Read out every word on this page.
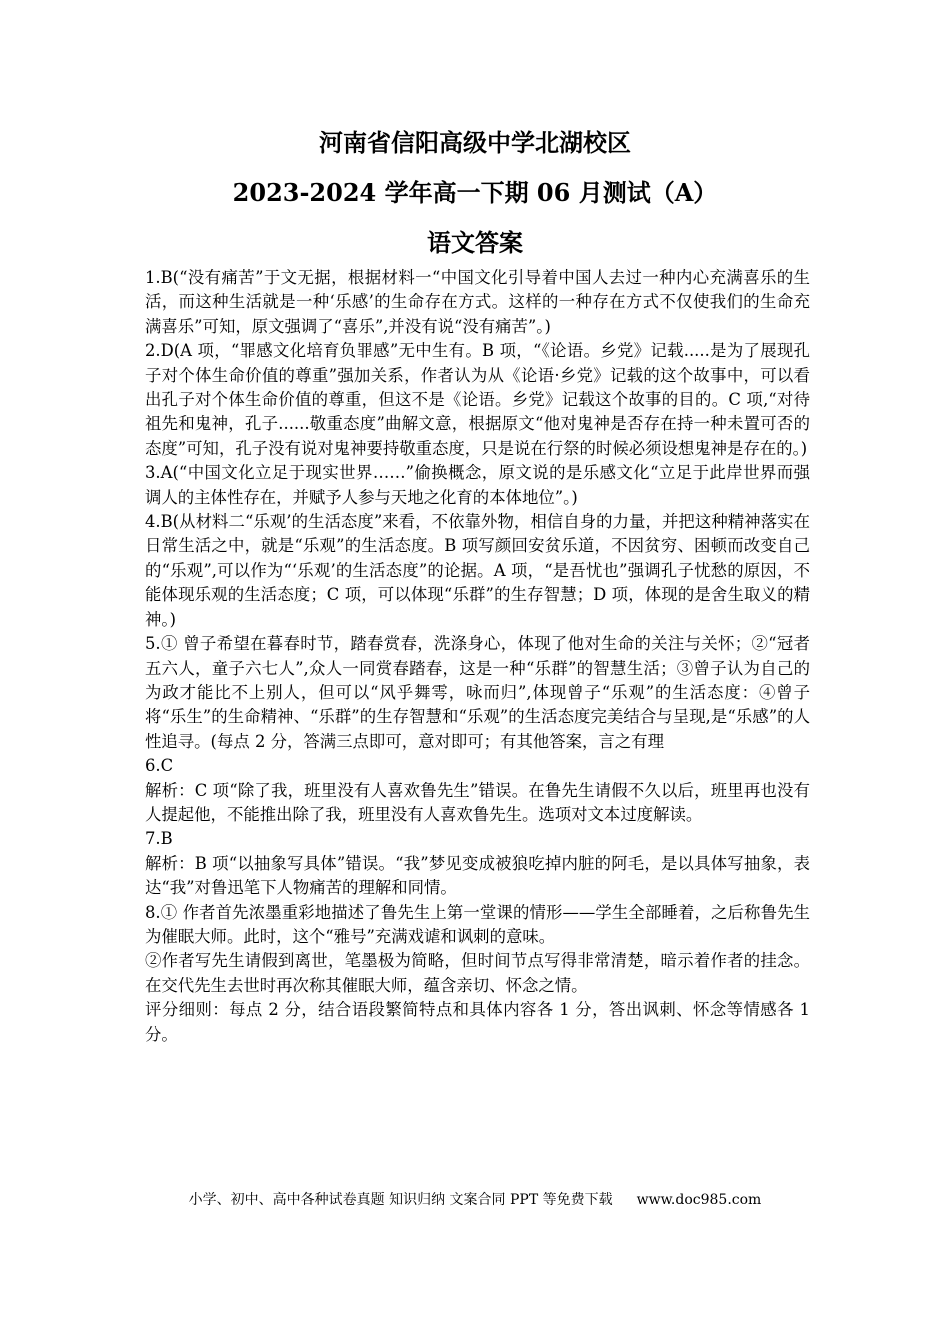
河南省信阳高级中学北湖校区
2023-2024 学年高一下期 06 月测试（A）
语文答案

1.B(“没有痛苦”于文无据，根据材料一“中国文化引导着中国人去过一种内心充满喜乐的生活，而这种生活就是一种‘乐感’的生命存在方式。这样的一种存在方式不仅使我们的生命充满喜乐”可知，原文强调了“喜乐”,并没有说“没有痛苦”。)

2.D(A 项，“罪感文化培育负罪感”无中生有。B 项，“《论语。乡党》记载.....是为了展现孔子对个体生命价值的尊重”强加关系，作者认为从《论语·乡党》记载的这个故事中，可以看出孔子对个体生命价值的尊重，但这不是《论语。乡党》记载这个故事的目的。C 项,“对待祖先和鬼神，孔子......敬重态度”曲解文意，根据原文“他对鬼神是否存在持一种未置可否的态度”可知，孔子没有说对鬼神要持敬重态度，只是说在行祭的时候必须设想鬼神是存在的。)

3.A(“中国文化立足于现实世界……”偷换概念，原文说的是乐感文化“立足于此岸世界而强调人的主体性存在，并赋予人参与天地之化育的本体地位”。)

4.B(从材料二“乐观’的生活态度”来看，不依靠外物，相信自身的力量，并把这种精神落实在日常生活之中，就是“乐观”的生活态度。B 项写颜回安贫乐道，不因贫穷、困顿而改变自己的“乐观”,可以作为“‘乐观’的生活态度”的论据。A 项，“是吾忧也”强调孔子忧愁的原因，不能体现乐观的生活态度；C 项，可以体现“乐群”的生存智慧；D 项，体现的是舍生取义的精神。)

5.① 曾子希望在暮春时节，踏春赏春，洗涤身心，体现了他对生命的关注与关怀；②“冠者五六人，童子六七人”,众人一同赏春踏春，这是一种“乐群”的智慧生活；③曾子认为自己的为政才能比不上别人，但可以“风乎舞雩，咏而归”,体现曾子“乐观”的生活态度：④曾子将“乐生”的生命精神、“乐群”的生存智慧和“乐观”的生活态度完美结合与呈现,是“乐感”的人性追寻。(每点 2 分，答满三点即可，意对即可；有其他答案，言之有理

6.C

解析：C 项“除了我，班里没有人喜欢鲁先生”错误。在鲁先生请假不久以后，班里再也没有人提起他，不能推出除了我，班里没有人喜欢鲁先生。选项对文本过度解读。

7.B

解析：B 项“以抽象写具体”错误。“我”梦见变成被狼吃掉内脏的阿毛，是以具体写抽象，表达“我”对鲁迅笔下人物痛苦的理解和同情。

8.① 作者首先浓墨重彩地描述了鲁先生上第一堂课的情形——学生全部睡着，之后称鲁先生为催眠大师。此时，这个“雅号”充满戏谑和讽刺的意味。

②作者写先生请假到离世，笔墨极为简略，但时间节点写得非常清楚，暗示着作者的挂念。在交代先生去世时再次称其催眠大师，蕴含亲切、怀念之情。

评分细则：每点 2 分，结合语段繁简特点和具体内容各 1 分，答出讽刺、怀念等情感各 1 分。

小学、初中、高中各种试卷真题 知识归纳 文案合同 PPT 等免费下载 www.doc985.com
